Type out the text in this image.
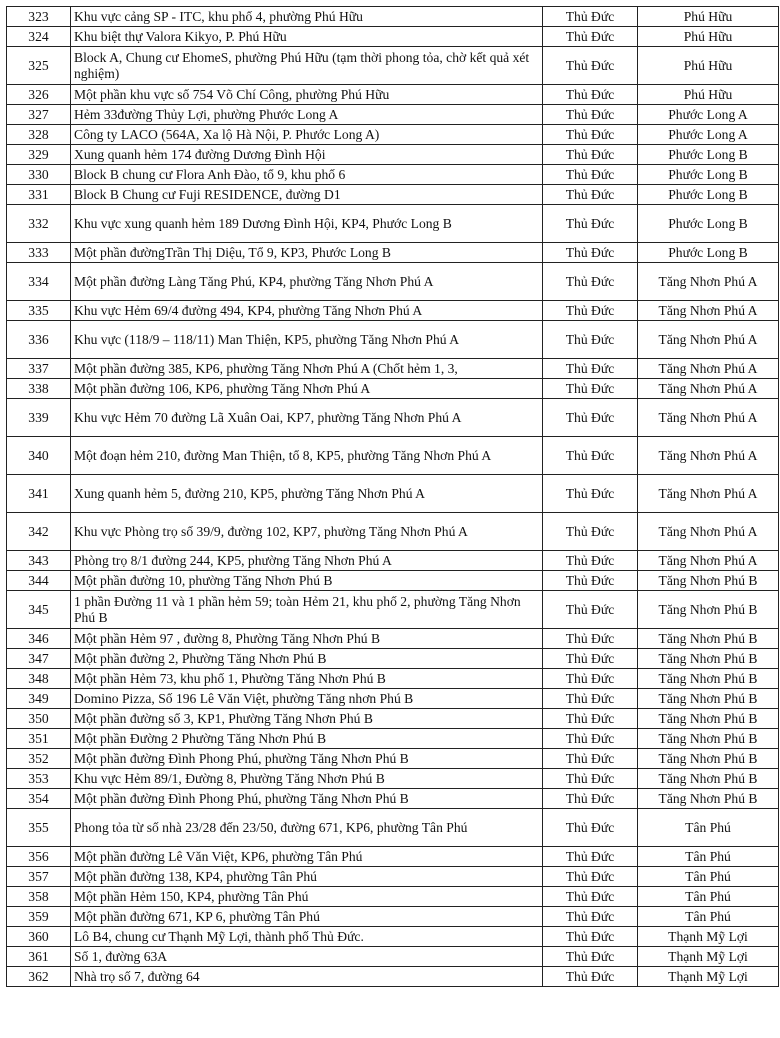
323	Khu vực cảng SP - ITC, khu phố 4, phường Phú Hữu	Thủ Đức	Phú Hữu
324	Khu biệt thự Valora Kikyo, P. Phú Hữu	Thủ Đức	Phú Hữu
325	Block A, Chung cư EhomeS, phường Phú Hữu (tạm thời phong tỏa, chờ kết quả xét nghiệm)	Thủ Đức	Phú Hữu
326	Một phần khu vực số 754 Võ Chí Công, phường Phú Hữu	Thủ Đức	Phú Hữu
327	Hẻm 33đường Thủy Lợi, phường Phước Long A	Thủ Đức	Phước Long A
328	Công ty LACO (564A, Xa lộ Hà Nội, P. Phước Long A)	Thủ Đức	Phước Long A
329	Xung quanh hẻm 174 đường Dương Đình Hội	Thủ Đức	Phước Long B
330	Block B chung cư Flora Anh Đào, tổ 9, khu phố 6	Thủ Đức	Phước Long B
331	Block B Chung cư Fuji RESIDENCE, đường D1	Thủ Đức	Phước Long B
332	Khu vực xung quanh hẻm 189 Dương Đình Hội, KP4, Phước Long B	Thủ Đức	Phước Long B
333	Một phần đườngTrần Thị Diệu, Tổ 9, KP3, Phước Long B	Thủ Đức	Phước Long B
334	Một phần đường Làng Tăng Phú, KP4, phường Tăng Nhơn Phú A	Thủ Đức	Tăng Nhơn Phú A
335	Khu vực Hẻm 69/4 đường 494, KP4, phường Tăng Nhơn Phú A	Thủ Đức	Tăng Nhơn Phú A
336	Khu vực (118/9 – 118/11) Man Thiện, KP5, phường Tăng Nhơn Phú A	Thủ Đức	Tăng Nhơn Phú A
337	Một phần đường 385, KP6, phường Tăng Nhơn Phú A (Chốt hẻm 1, 3,	Thủ Đức	Tăng Nhơn Phú A
338	Một phần đường 106, KP6, phường Tăng Nhơn Phú A	Thủ Đức	Tăng Nhơn Phú A
339	Khu vực Hẻm 70 đường Lã Xuân Oai, KP7, phường Tăng Nhơn Phú A	Thủ Đức	Tăng Nhơn Phú A
340	Một đoạn hẻm 210, đường Man Thiện, tổ 8, KP5, phường Tăng Nhơn Phú A	Thủ Đức	Tăng Nhơn Phú A
341	Xung quanh hẻm 5, đường 210, KP5, phường Tăng Nhơn Phú A	Thủ Đức	Tăng Nhơn Phú A
342	Khu vực Phòng trọ số 39/9, đường 102, KP7, phường Tăng Nhơn Phú A	Thủ Đức	Tăng Nhơn Phú A
343	Phòng trọ 8/1 đường 244, KP5, phường Tăng Nhơn Phú A	Thủ Đức	Tăng Nhơn Phú A
344	Một phần đường 10, phường Tăng Nhơn Phú B	Thủ Đức	Tăng Nhơn Phú B
345	1 phần Đường 11 và 1 phần hẻm 59; toàn Hẻm 21, khu phố 2, phường Tăng Nhơn Phú B	Thủ Đức	Tăng Nhơn Phú B
346	Một phần Hẻm 97 , đường 8, Phường Tăng Nhơn Phú B	Thủ Đức	Tăng Nhơn Phú B
347	Một phần đường 2, Phường Tăng Nhơn Phú B	Thủ Đức	Tăng Nhơn Phú B
348	Một phần Hẻm 73, khu phố 1, Phường Tăng Nhơn Phú B	Thủ Đức	Tăng Nhơn Phú B
349	Domino Pizza, Số 196 Lê Văn Việt, phường Tăng nhơn Phú B	Thủ Đức	Tăng Nhơn Phú B
350	Một phần đường số 3, KP1, Phường Tăng Nhơn Phú B	Thủ Đức	Tăng Nhơn Phú B
351	Một phần Đường 2 Phường Tăng Nhơn Phú B	Thủ Đức	Tăng Nhơn Phú B
352	Một phần đường Đình Phong Phú, phường Tăng Nhơn Phú B	Thủ Đức	Tăng Nhơn Phú B
353	Khu vực Hẻm 89/1, Đường 8, Phường Tăng Nhơn Phú B	Thủ Đức	Tăng Nhơn Phú B
354	Một phần đường Đình Phong Phú, phường Tăng Nhơn Phú B	Thủ Đức	Tăng Nhơn Phú B
355	Phong tỏa từ số nhà 23/28 đến 23/50, đường 671, KP6, phường Tân Phú	Thủ Đức	Tân Phú
356	Một phần đường Lê Văn Việt, KP6, phường Tân Phú	Thủ Đức	Tân Phú
357	Một phần đường 138, KP4, phường Tân Phú	Thủ Đức	Tân Phú
358	Một phần Hẻm 150, KP4, phường Tân Phú	Thủ Đức	Tân Phú
359	Một phần đường 671, KP 6, phường Tân Phú	Thủ Đức	Tân Phú
360	Lô B4, chung cư Thạnh Mỹ Lợi, thành phố Thủ Đức.	Thủ Đức	Thạnh Mỹ Lợi
361	Số 1, đường 63A	Thủ Đức	Thạnh Mỹ Lợi
362	Nhà trọ số 7, đường 64	Thủ Đức	Thạnh Mỹ Lợi
